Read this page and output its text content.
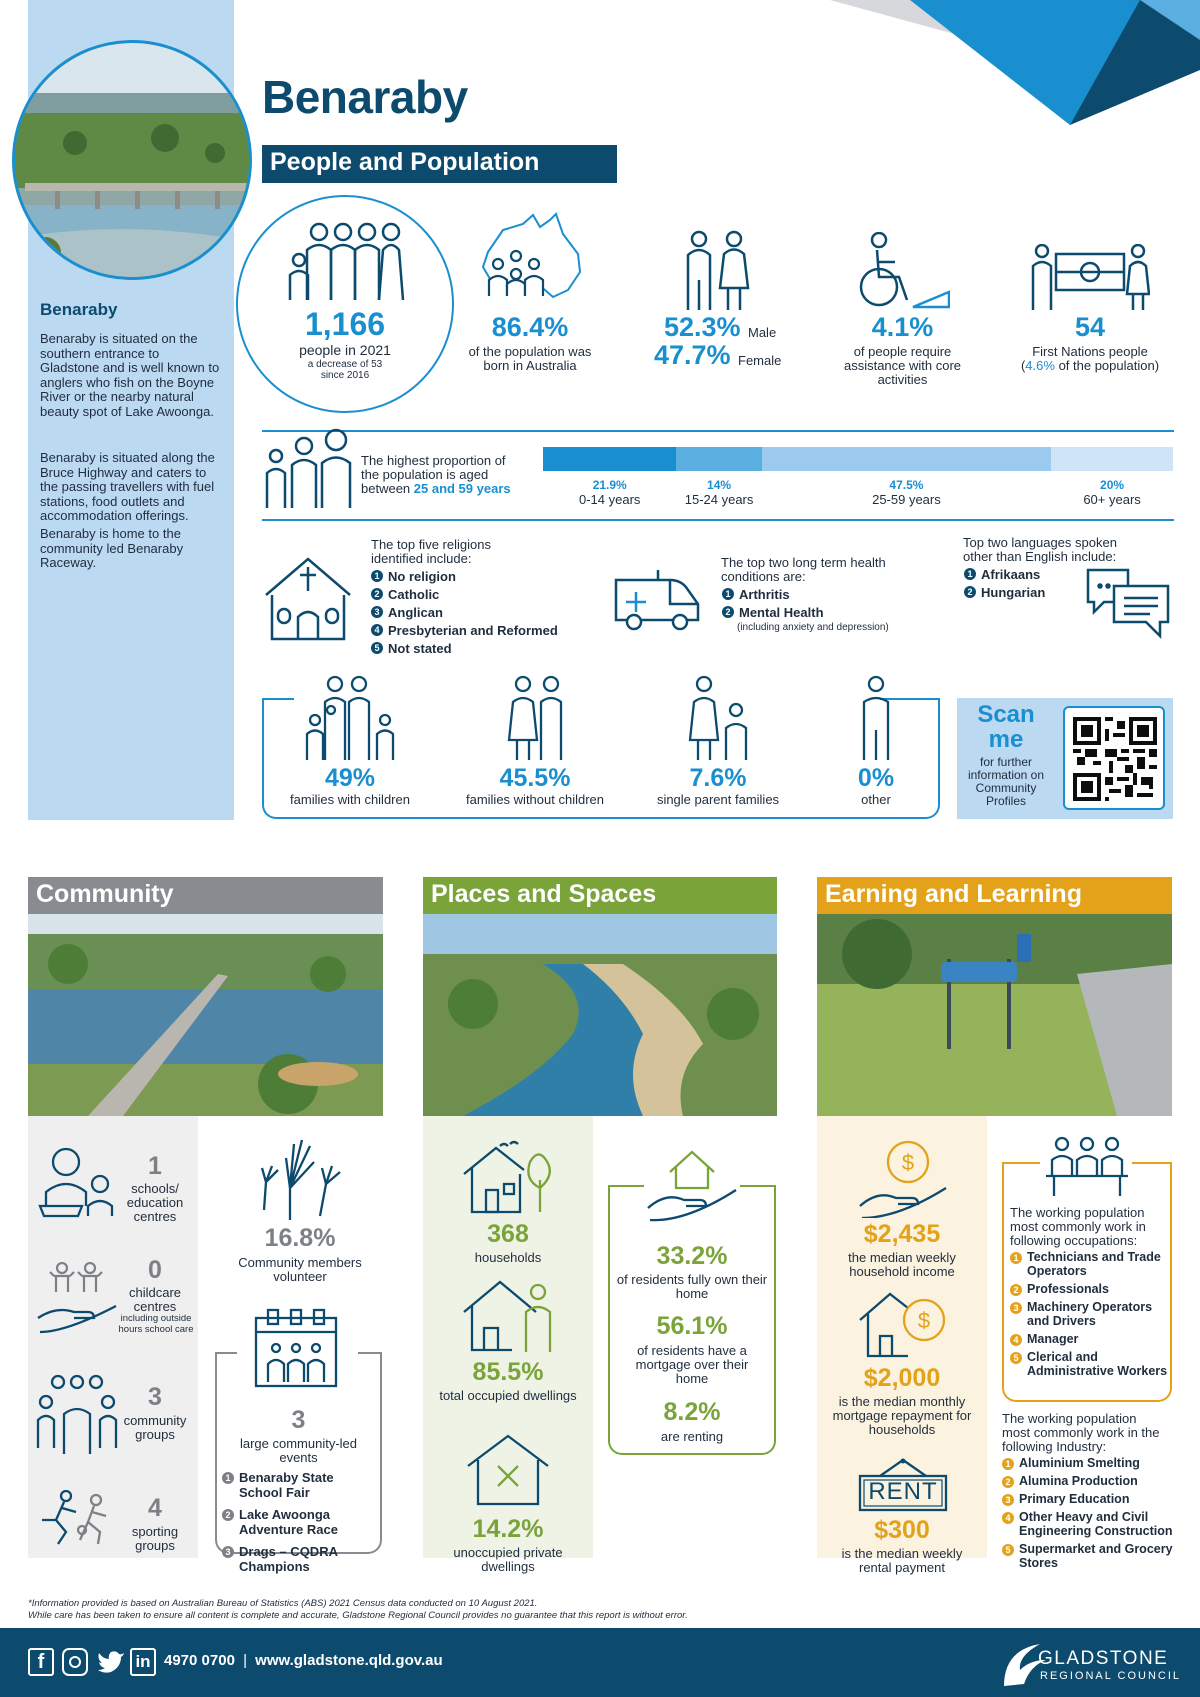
Benaraby
Benaraby is situated on the southern entrance to Gladstone and is well known to anglers who fish on the Boyne River or the nearby natural beauty spot of Lake Awoonga.
Benaraby is situated along the Bruce Highway and caters to the passing travellers with fuel stations, food outlets and accommodation offerings.
Benaraby is home to the community led Benaraby Raceway.
Benaraby
People and Population
1,166
people in 2021
a decrease of 53 since 2016
86.4%
of the population was born in Australia
52.3% Male
47.7% Female
4.1%
of people require assistance with core activities
54
First Nations people
(4.6% of the population)
The highest proportion of the population is aged between 25 and 59 years	21.9%
0-14 years
14%
15-24 years
47.5%
25-59 years
20%
60+ years
The top five religions identified include:
1 No religion
2 Catholic
3 Anglican
4 Presbyterian and Reformed
5 Not stated
The top two long term health conditions are:
1 Arthritis
2 Mental Health
(including anxiety and depression)
Top two languages spoken other than English include:
1 Afrikaans
2 Hungarian
49%
families with children
45.5%
families without children
7.6%
single parent families
0%
other
Scan me
for further information on Community Profiles
Community	Places and Spaces	Earning and Learning
1
schools/ education centres
0
childcare centres
including outside hours school care
3
community groups
4
sporting groups
16.8%
Community members volunteer
3
large community-led events
1 Benaraby State School Fair
2 Lake Awoonga Adventure Race
3 Drags – CQDRA Champions
368
households
85.5%
total occupied dwellings
14.2%
unoccupied private dwellings
33.2%
of residents fully own their home
56.1%
of residents have a mortgage over their home
8.2%
are renting
$
$2,435
the median weekly household income
$
$2,000
is the median monthly mortgage repayment for households
RENT
$300
is the median weekly rental payment
The working population most commonly work in following occupations:
1 Technicians and Trade Operators
2 Professionals
3 Machinery Operators and Drivers
4 Manager
5 Clerical and Administrative Workers
The working population most commonly work in the following Industry:
1 Aluminium Smelting
2 Alumina Production
3 Primary Education
4 Other Heavy and Civil Engineering Construction
5 Supermarket and Grocery Stores
*Information provided is based on Australian Bureau of Statistics (ABS) 2021 Census data conducted on 10 August 2021.
While care has been taken to ensure all content is complete and accurate, Gladstone Regional Council provides no guarantee that this report is without error.
f	in 4970 0700 | www.gladstone.qld.gov.au	GLADSTONE
REGIONAL COUNCIL
